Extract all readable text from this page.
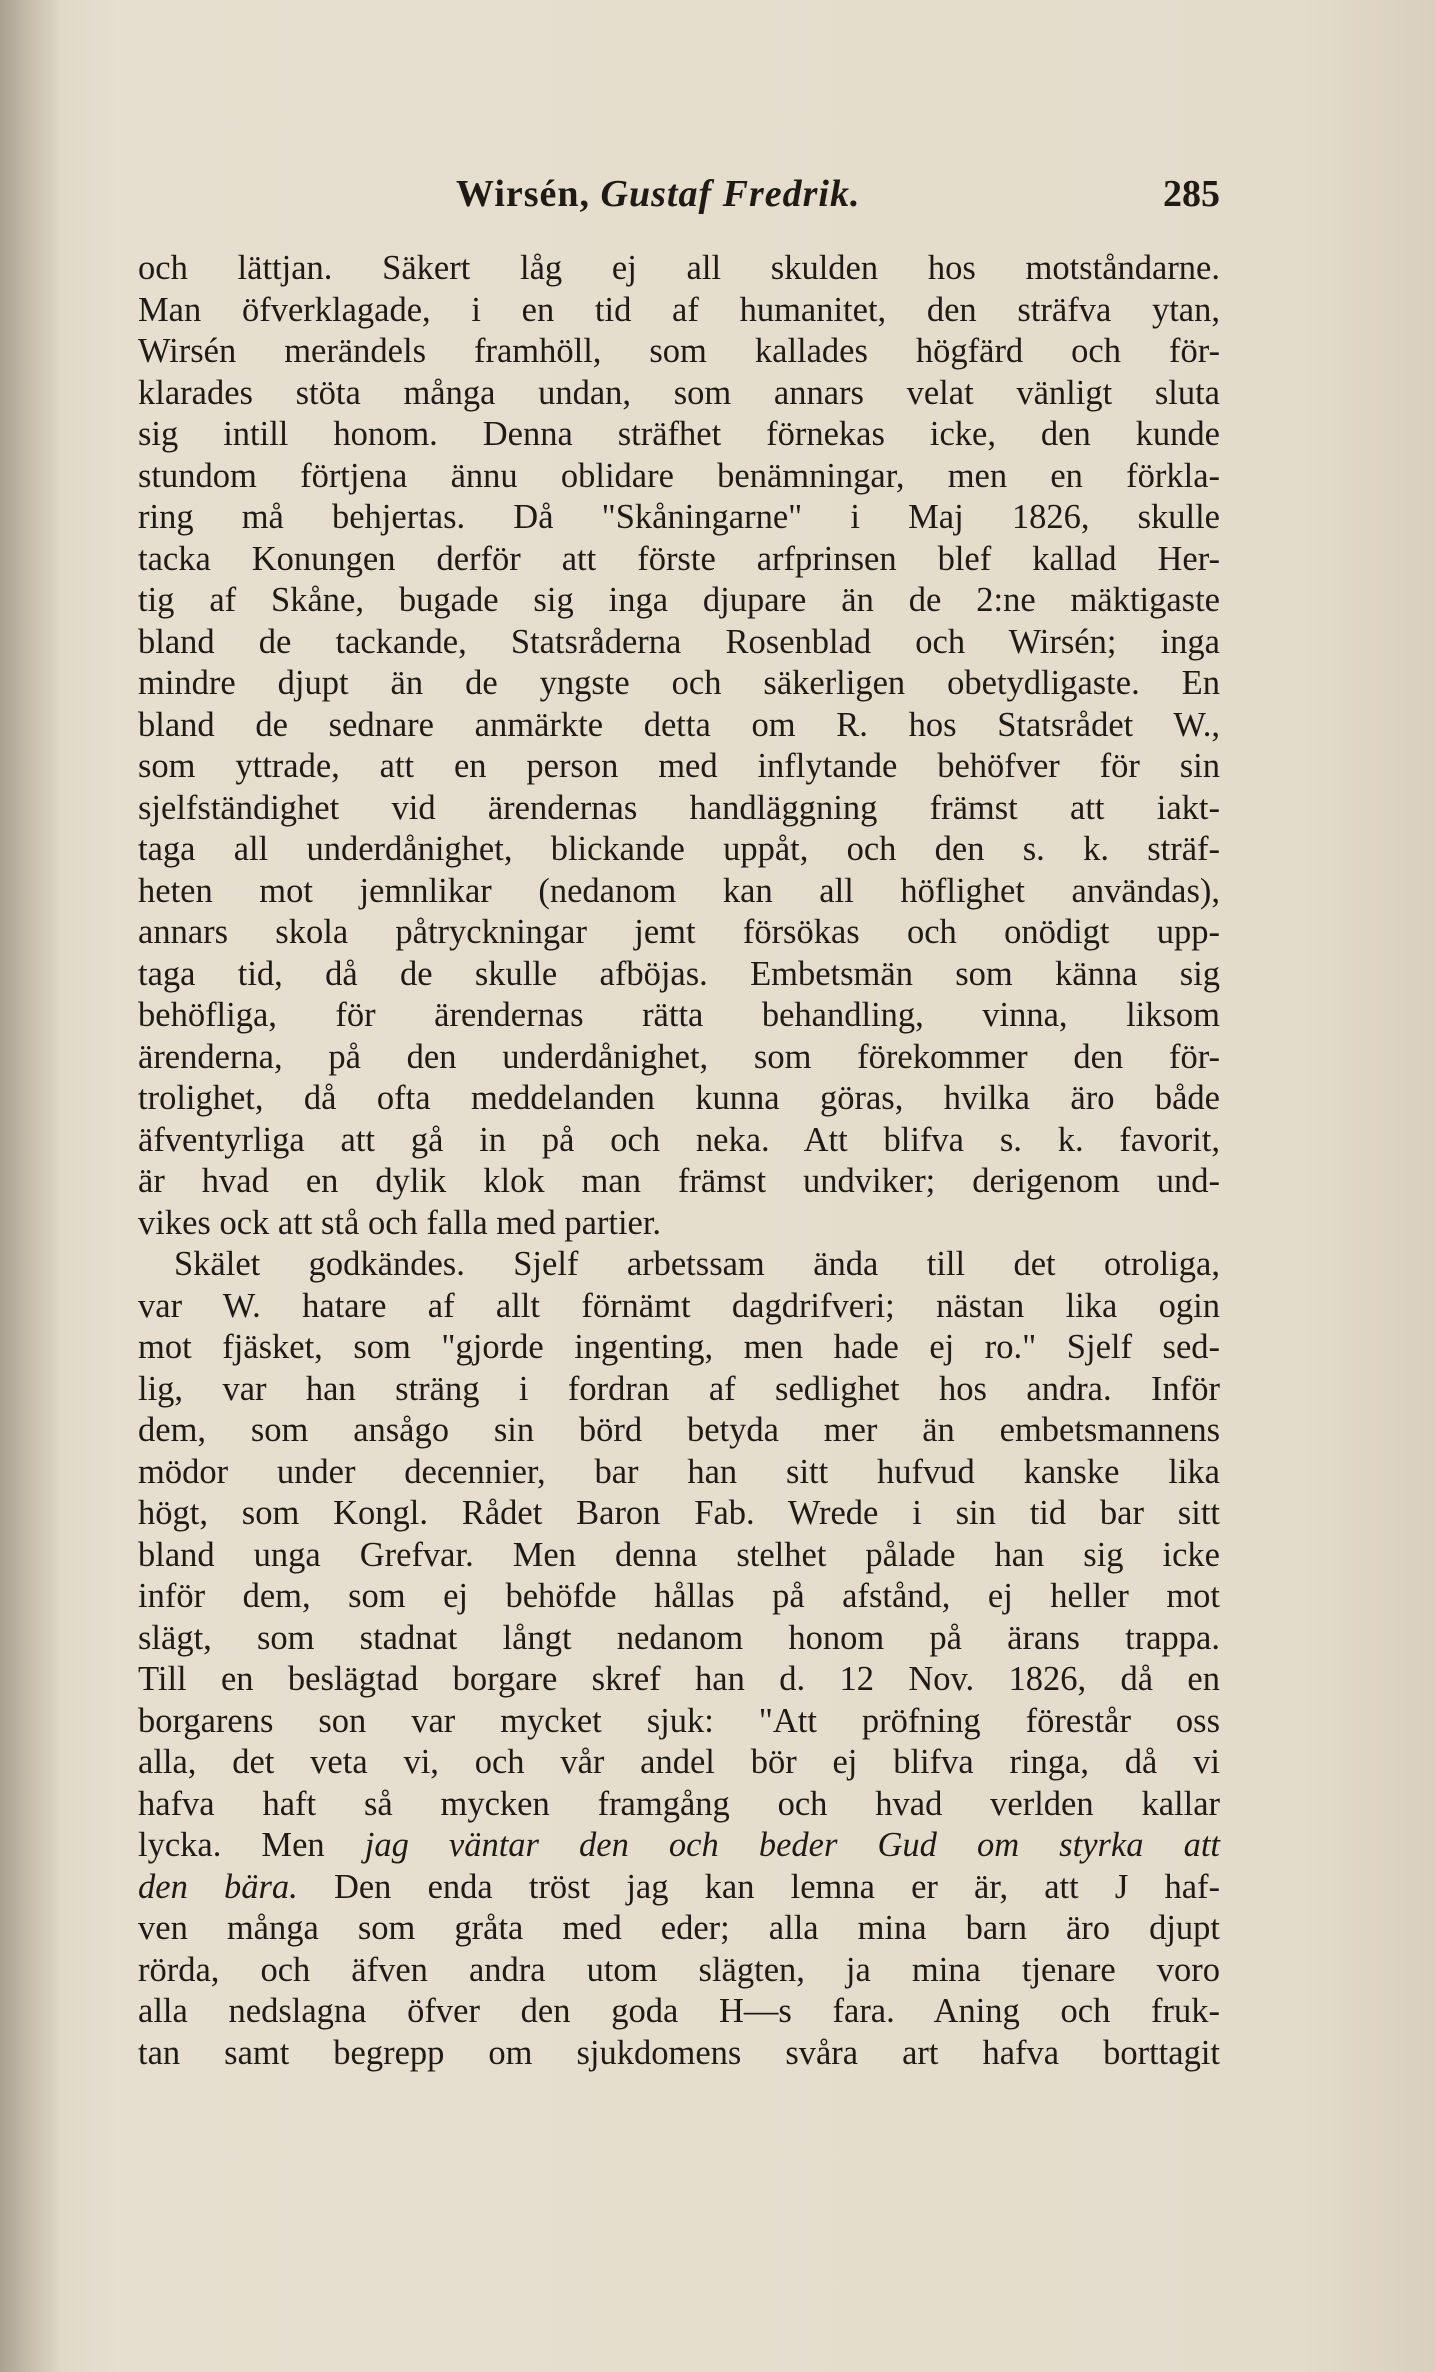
Wirsén, Gustaf Fredrik.	285
och lättjan. Säkert låg ej all skulden hos motståndarne.
Man öfverklagade, i en tid af humanitet, den sträfva ytan,
Wirsén merändels framhöll, som kallades högfärd och för-
klarades stöta många undan, som annars velat vänligt sluta
sig intill honom. Denna sträfhet förnekas icke, den kunde
stundom förtjena ännu oblidare benämningar, men en förkla-
ring må behjertas. Då "Skåningarne" i Maj 1826, skulle
tacka Konungen derför att förste arfprinsen blef kallad Her-
tig af Skåne, bugade sig inga djupare än de 2:ne mäktigaste
bland de tackande, Statsråderna Rosenblad och Wirsén; inga
mindre djupt än de yngste och säkerligen obetydligaste. En
bland de sednare anmärkte detta om R. hos Statsrådet W.,
som yttrade, att en person med inflytande behöfver för sin
sjelfständighet vid ärendernas handläggning främst att iakt-
taga all underdånighet, blickande uppåt, och den s. k. sträf-
heten mot jemnlikar (nedanom kan all höflighet användas),
annars skola påtryckningar jemt försökas och onödigt upp-
taga tid, då de skulle afböjas. Embetsmän som känna sig
behöfliga, för ärendernas rätta behandling, vinna, liksom
ärenderna, på den underdånighet, som förekommer den för-
trolighet, då ofta meddelanden kunna göras, hvilka äro både
äfventyrliga att gå in på och neka. Att blifva s. k. favorit,
är hvad en dylik klok man främst undviker; derigenom und-
vikes ock att stå och falla med partier.
Skälet godkändes. Sjelf arbetssam ända till det otroliga,
var W. hatare af allt förnämt dagdrifveri; nästan lika ogin
mot fjäsket, som "gjorde ingenting, men hade ej ro." Sjelf sed-
lig, var han sträng i fordran af sedlighet hos andra. Inför
dem, som ansågo sin börd betyda mer än embetsmannens
mödor under decennier, bar han sitt hufvud kanske lika
högt, som Kongl. Rådet Baron Fab. Wrede i sin tid bar sitt
bland unga Grefvar. Men denna stelhet pålade han sig icke
inför dem, som ej behöfde hållas på afstånd, ej heller mot
slägt, som stadnat långt nedanom honom på ärans trappa.
Till en beslägtad borgare skref han d. 12 Nov. 1826, då en
borgarens son var mycket sjuk: "Att pröfning förestår oss
alla, det veta vi, och vår andel bör ej blifva ringa, då vi
hafva haft så mycken framgång och hvad verlden kallar
lycka. Men jag väntar den och beder Gud om styrka att
den bära. Den enda tröst jag kan lemna er är, att J haf-
ven många som gråta med eder; alla mina barn äro djupt
rörda, och äfven andra utom slägten, ja mina tjenare voro
alla nedslagna öfver den goda H—s fara. Aning och fruk-
tan samt begrepp om sjukdomens svåra art hafva borttagit
